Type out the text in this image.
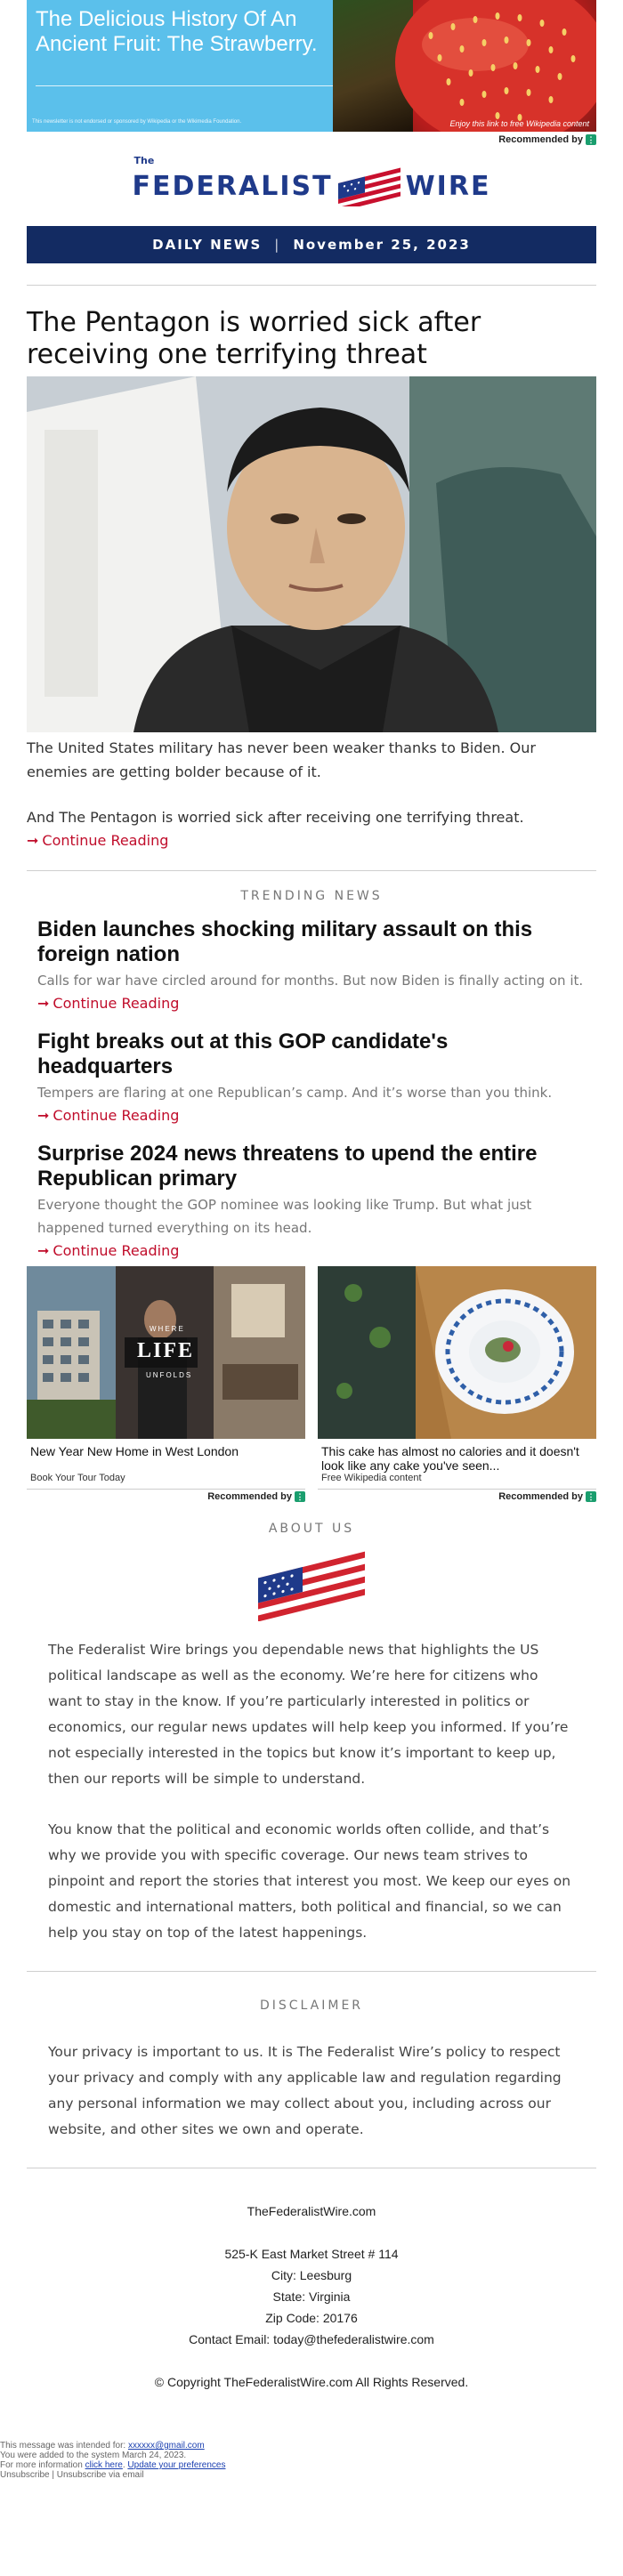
The Delicious History Of An Ancient Fruit: The Strawberry.
This newsletter is not endorsed or sponsored by Wikipedia or the Wikimedia Foundation.	Enjoy this link to free Wikipedia content
Recommended by ⋮
The
FEDERALIST	WIRE
DAILY NEWS | November 25, 2023
The Pentagon is worried sick after receiving one terrifying threat

The United States military has never been weaker thanks to Biden. Our enemies are getting bolder because of it.

And The Pentagon is worried sick after receiving one terrifying threat.

➞ Continue Reading
TRENDING NEWS
Biden launches shocking military assault on this foreign nation

Calls for war have circled around for months. But now Biden is finally acting on it.

➞ Continue Reading
Fight breaks out at this GOP candidate's headquarters

Tempers are flaring at one Republican’s camp. And it’s worse than you think.

➞ Continue Reading
Surprise 2024 news threatens to upend the entire Republican primary

Everyone thought the GOP nominee was looking like Trump. But what just happened turned everything on its head.

➞ Continue Reading
WHERE
LIFE
UNFOLDS
New Year New Home in West London
Book Your Tour Today
Recommended by ⋮
This cake has almost no calories and it doesn't look like any cake you've seen...
Free Wikipedia content
Recommended by ⋮
ABOUT US

The Federalist Wire brings you dependable news that highlights the US political landscape as well as the economy. We’re here for citizens who want to stay in the know. If you’re particularly interested in politics or economics, our regular news updates will help keep you informed. If you’re not especially interested in the topics but know it’s important to keep up, then our reports will be simple to understand.

You know that the political and economic worlds often collide, and that’s why we provide you with specific coverage. Our news team strives to pinpoint and report the stories that interest you most. We keep our eyes on domestic and international matters, both political and financial, so we can help you stay on top of the latest happenings.

DISCLAIMER

Your privacy is important to us. It is The Federalist Wire’s policy to respect your privacy and comply with any applicable law and regulation regarding any personal information we may collect about you, including across our website, and other sites we own and operate.

TheFederalistWire.com
525-K East Market Street # 114
City: Leesburg
State: Virginia
Zip Code: 20176
Contact Email: today@thefederalistwire.com
© Copyright TheFederalistWire.com All Rights Reserved.
This message was intended for: xxxxxx@gmail.com
You were added to the system March 24, 2023.
For more information click here. Update your preferences
Unsubscribe | Unsubscribe via email
